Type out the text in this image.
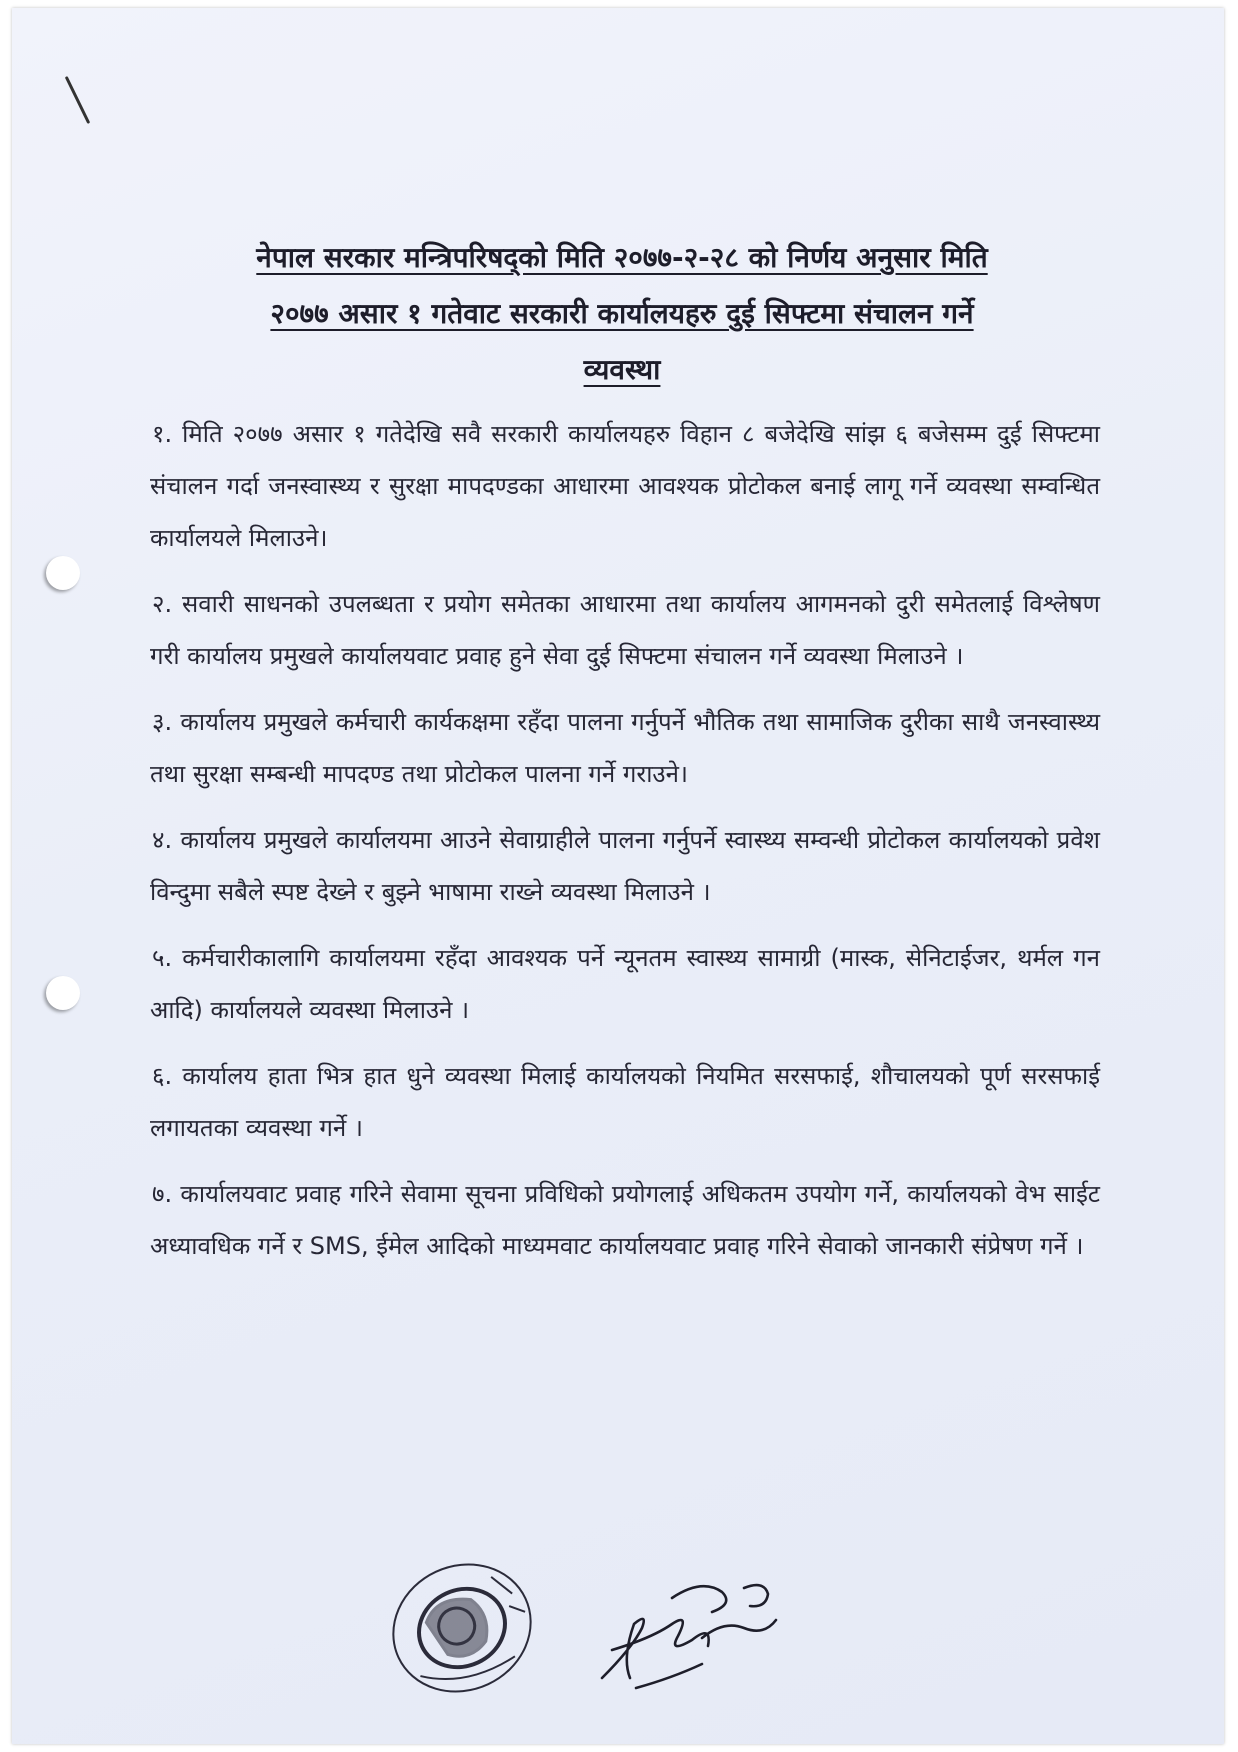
नेपाल सरकार मन्त्रिपरिषद्को मिति २०७७-२-२८ को निर्णय अनुसार मिति
२०७७ असार १ गतेवाट सरकारी कार्यालयहरु दुई सिफ्टमा संचालन गर्ने
व्यवस्था

१. मिति २०७७ असार १ गतेदेखि सवै सरकारी कार्यालयहरु विहान ८ बजेदेखि सांझ ६ बजेसम्म दुई सिफ्टमा संचालन गर्दा जनस्वास्थ्य र सुरक्षा मापदण्डका आधारमा आवश्यक प्रोटोकल बनाई लागू गर्ने व्यवस्था सम्वन्धित कार्यालयले मिलाउने।

२. सवारी साधनको उपलब्धता र प्रयोग समेतका आधारमा तथा कार्यालय आगमनको दुरी समेतलाई विश्लेषण गरी कार्यालय प्रमुखले कार्यालयवाट प्रवाह हुने सेवा दुई सिफ्टमा संचालन गर्ने व्यवस्था मिलाउने ।

३. कार्यालय प्रमुखले कर्मचारी कार्यकक्षमा रहँदा पालना गर्नुपर्ने भौतिक तथा सामाजिक दुरीका साथै जनस्वास्थ्य तथा सुरक्षा सम्बन्धी मापदण्ड तथा प्रोटोकल पालना गर्ने गराउने।

४. कार्यालय प्रमुखले कार्यालयमा आउने सेवाग्राहीले पालना गर्नुपर्ने स्वास्थ्य सम्वन्धी प्रोटोकल कार्यालयको प्रवेश विन्दुमा सबैले स्पष्ट देख्ने र बुझ्ने भाषामा राख्ने व्यवस्था मिलाउने ।

५. कर्मचारीकालागि कार्यालयमा रहँदा आवश्यक पर्ने न्यूनतम स्वास्थ्य सामाग्री (मास्क, सेनिटाईजर, थर्मल गन आदि) कार्यालयले व्यवस्था मिलाउने ।

६. कार्यालय हाता भित्र हात धुने व्यवस्था मिलाई कार्यालयको नियमित सरसफाई, शौचालयको पूर्ण सरसफाई लगायतका व्यवस्था गर्ने ।

७. कार्यालयवाट प्रवाह गरिने सेवामा सूचना प्रविधिको प्रयोगलाई अधिकतम उपयोग गर्ने, कार्यालयको वेभ साईट अध्यावधिक गर्ने र SMS, ईमेल आदिको माध्यमवाट कार्यालयवाट प्रवाह गरिने सेवाको जानकारी संप्रेषण गर्ने ।
